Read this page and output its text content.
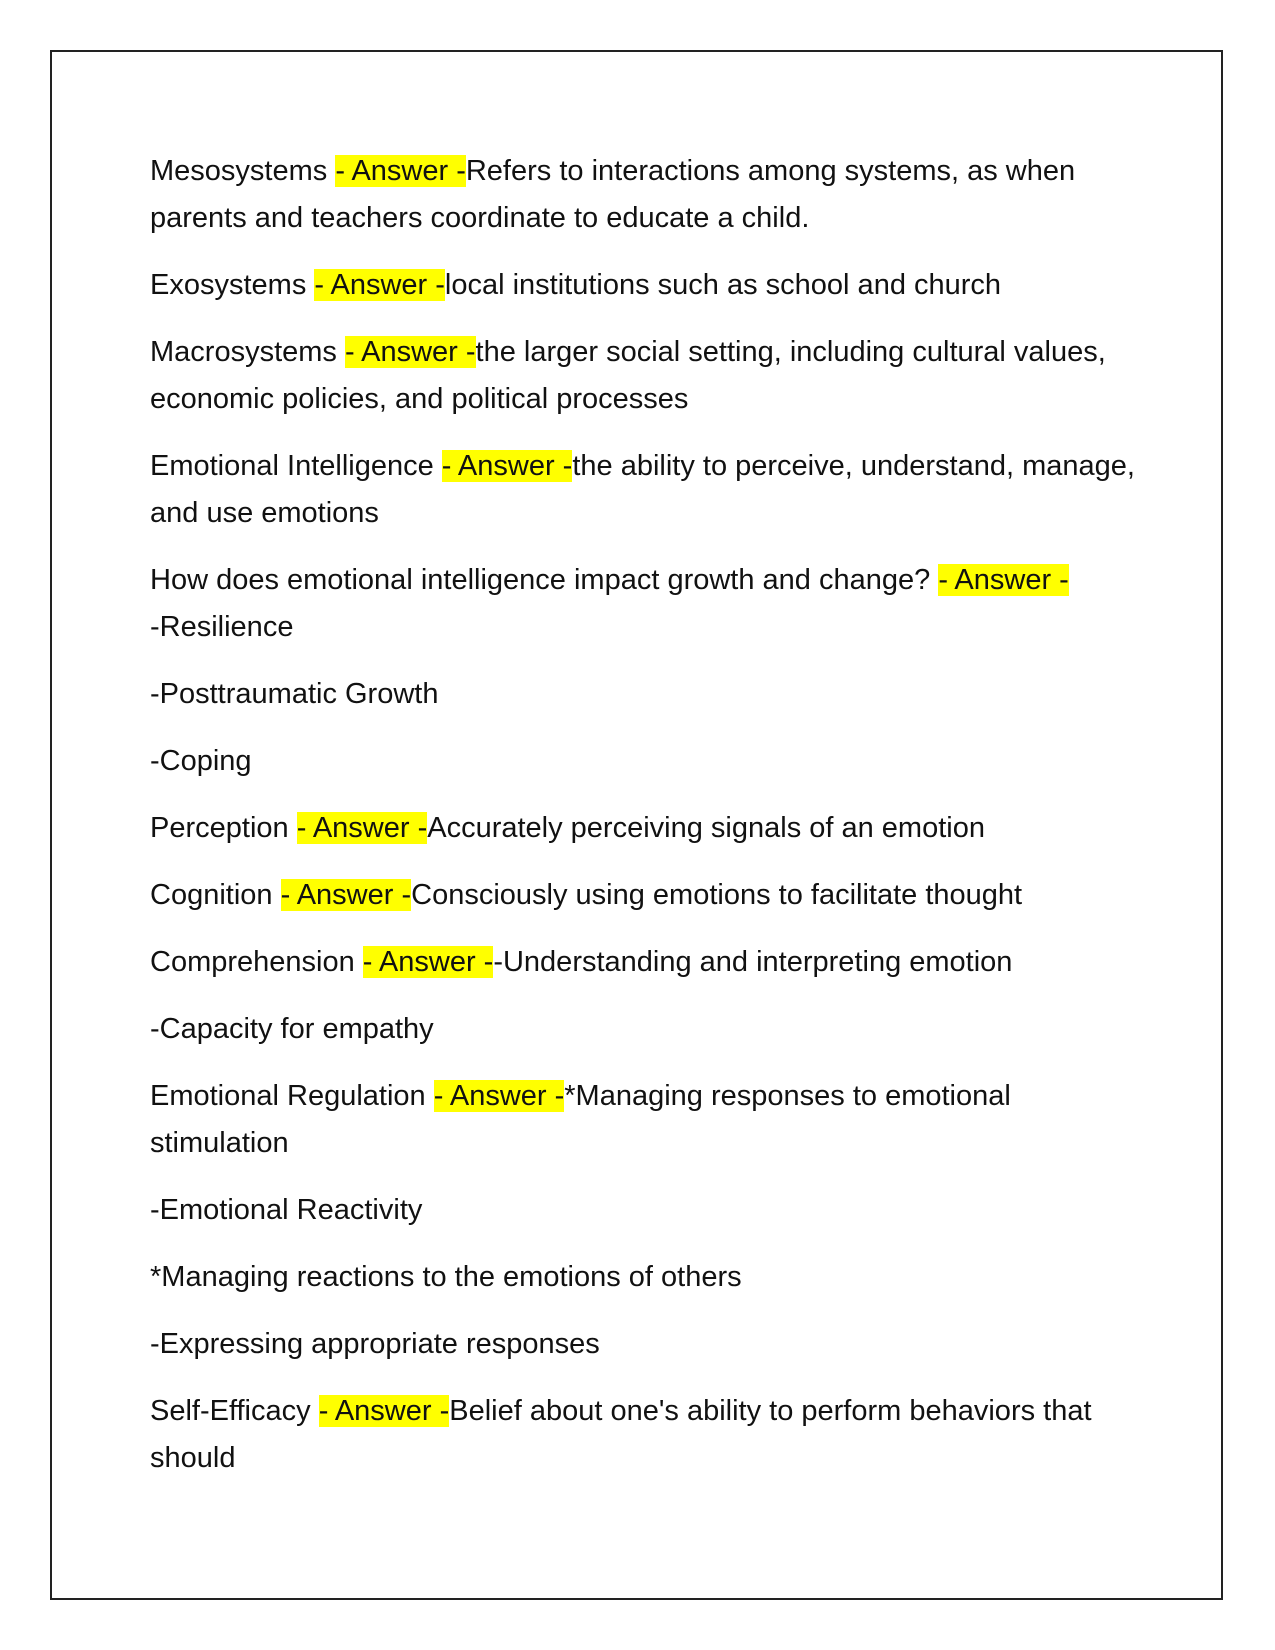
Mesosystems - Answer -Refers to interactions among systems, as when parents and teachers coordinate to educate a child.

Exosystems - Answer -local institutions such as school and church

Macrosystems - Answer -the larger social setting, including cultural values, economic policies, and political processes

Emotional Intelligence - Answer -the ability to perceive, understand, manage, and use emotions

How does emotional intelligence impact growth and change? - Answer -
-Resilience

-Posttraumatic Growth

-Coping

Perception - Answer -Accurately perceiving signals of an emotion

Cognition - Answer -Consciously using emotions to facilitate thought

Comprehension - Answer --Understanding and interpreting emotion

-Capacity for empathy

Emotional Regulation - Answer -*Managing responses to emotional stimulation

-Emotional Reactivity

*Managing reactions to the emotions of others

-Expressing appropriate responses

Self-Efficacy - Answer -Belief about one's ability to perform behaviors that should
